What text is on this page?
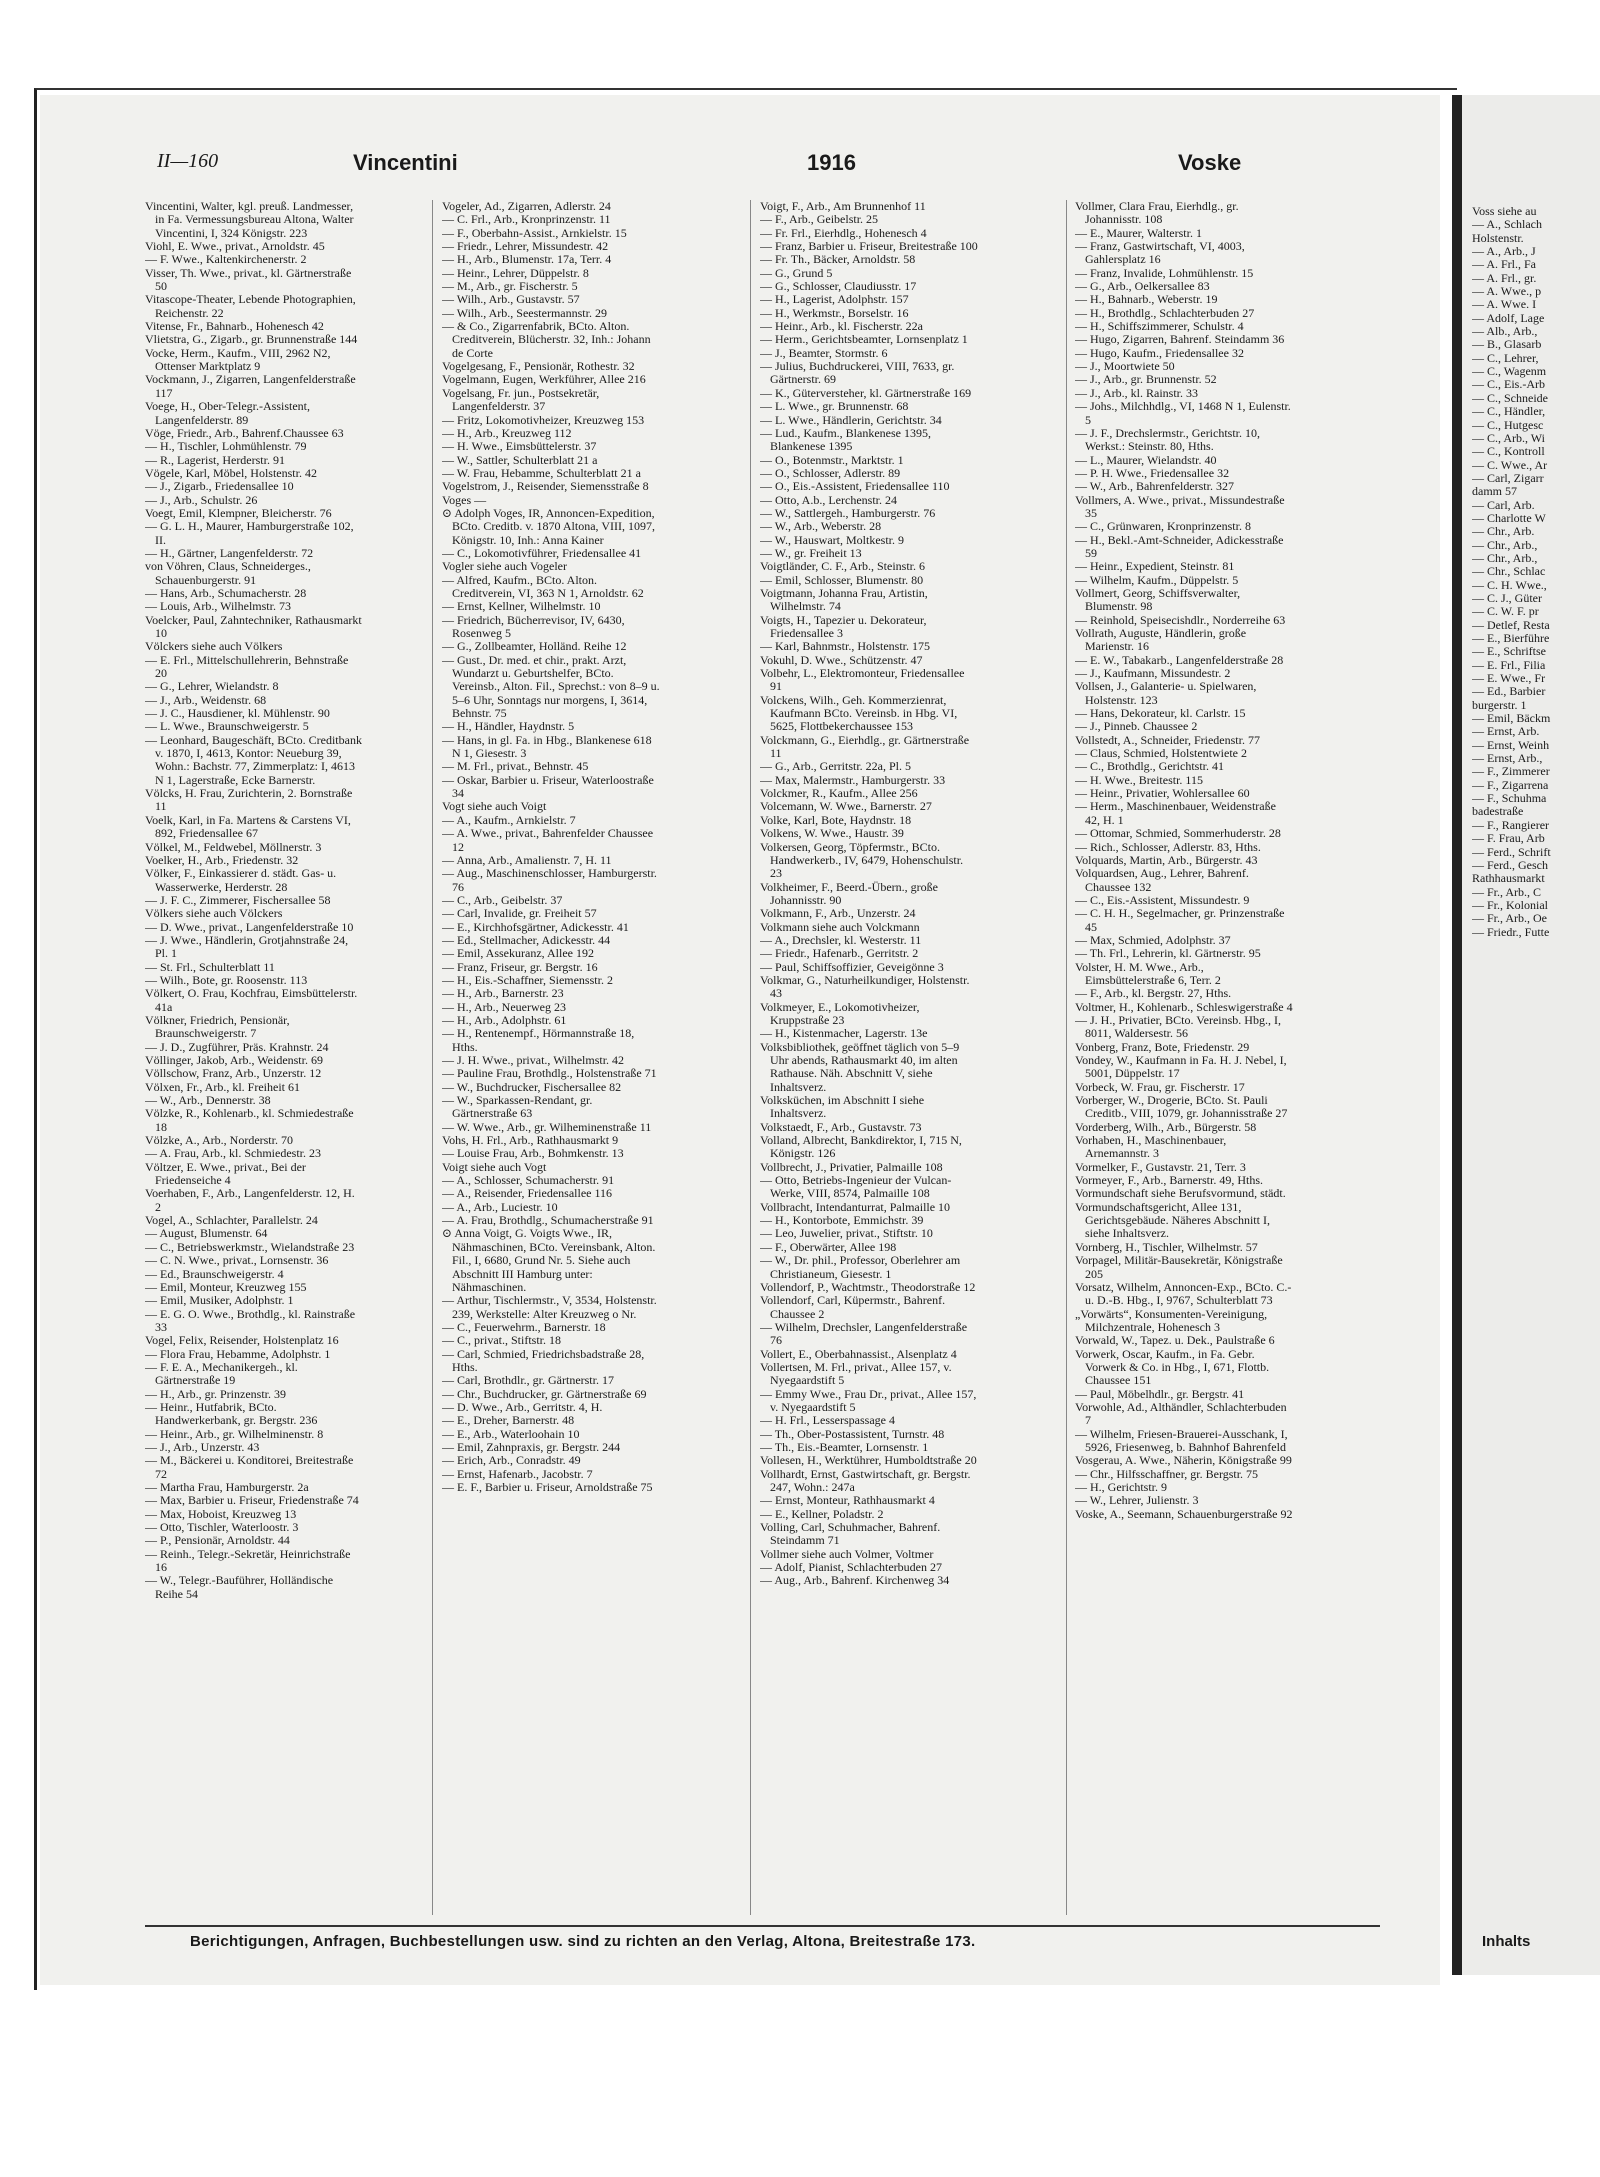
II—160	Vincentini	1916	Voske

Vincentini, Walter, kgl. preuß. Landmesser, in Fa. Vermessungsbureau Altona, Walter Vincentini, I, 324 Königstr. 223

Viohl, E. Wwe., privat., Arnoldstr. 45

— F. Wwe., Kaltenkirchenerstr. 2

Visser, Th. Wwe., privat., kl. Gärtnerstraße 50

Vitascope-Theater, Lebende Photographien, Reichenstr. 22

Vitense, Fr., Bahnarb., Hohenesch 42

Vlietstra, G., Zigarb., gr. Brunnenstraße 144

Vocke, Herm., Kaufm., VIII, 2962 N2, Ottenser Marktplatz 9

Vockmann, J., Zigarren, Langenfelderstraße 117

Voege, H., Ober-Telegr.-Assistent, Langenfelderstr. 89

Vöge, Friedr., Arb., Bahrenf.Chaussee 63

— H., Tischler, Lohmühlenstr. 79

— R., Lagerist, Herderstr. 91

Vögele, Karl, Möbel, Holstenstr. 42

— J., Zigarb., Friedensallee 10

— J., Arb., Schulstr. 26

Voegt, Emil, Klempner, Bleicherstr. 76

— G. L. H., Maurer, Hamburgerstraße 102, II.

— H., Gärtner, Langenfelderstr. 72

von Vöhren, Claus, Schneiderges., Schauenburgerstr. 91

— Hans, Arb., Schumacherstr. 28

— Louis, Arb., Wilhelmstr. 73

Voelcker, Paul, Zahntechniker, Rathausmarkt 10

Völckers siehe auch Völkers

— E. Frl., Mittelschullehrerin, Behnstraße 20

— G., Lehrer, Wielandstr. 8

— J., Arb., Weidenstr. 68

— J. C., Hausdiener, kl. Mühlenstr. 90

— L. Wwe., Braunschweigerstr. 5

— Leonhard, Baugeschäft, BCto. Creditbank v. 1870, I, 4613, Kontor: Neueburg 39, Wohn.: Bachstr. 77, Zimmerplatz: I, 4613 N 1, Lagerstraße, Ecke Barnerstr.

Völcks, H. Frau, Zurichterin, 2. Bornstraße 11

Voelk, Karl, in Fa. Martens & Carstens VI, 892, Friedensallee 67

Völkel, M., Feldwebel, Möllnerstr. 3

Voelker, H., Arb., Friedenstr. 32

Völker, F., Einkassierer d. städt. Gas- u. Wasserwerke, Herderstr. 28

— J. F. C., Zimmerer, Fischersallee 58

Völkers siehe auch Völckers

— D. Wwe., privat., Langenfelderstraße 10

— J. Wwe., Händlerin, Grotjahnstraße 24, Pl. 1

— St. Frl., Schulterblatt 11

— Wilh., Bote, gr. Roosenstr. 113

Völkert, O. Frau, Kochfrau, Eimsbüttelerstr. 41a

Völkner, Friedrich, Pensionär, Braunschweigerstr. 7

— J. D., Zugführer, Präs. Krahnstr. 24

Völlinger, Jakob, Arb., Weidenstr. 69

Völlschow, Franz, Arb., Unzerstr. 12

Völxen, Fr., Arb., kl. Freiheit 61

— W., Arb., Dennerstr. 38

Völzke, R., Kohlenarb., kl. Schmiedestraße 18

Völzke, A., Arb., Norderstr. 70

— A. Frau, Arb., kl. Schmiedestr. 23

Völtzer, E. Wwe., privat., Bei der Friedenseiche 4

Voerhaben, F., Arb., Langenfelderstr. 12, H. 2

Vogel, A., Schlachter, Parallelstr. 24

— August, Blumenstr. 64

— C., Betriebswerkmstr., Wielandstraße 23

— C. N. Wwe., privat., Lornsenstr. 36

— Ed., Braunschweigerstr. 4

— Emil, Monteur, Kreuzweg 155

— Emil, Musiker, Adolphstr. 1

— E. G. O. Wwe., Brothdlg., kl. Rainstraße 33

Vogel, Felix, Reisender, Holstenplatz 16

— Flora Frau, Hebamme, Adolphstr. 1

— F. E. A., Mechanikergeh., kl. Gärtnerstraße 19

— H., Arb., gr. Prinzenstr. 39

— Heinr., Hutfabrik, BCto. Handwerkerbank, gr. Bergstr. 236

— Heinr., Arb., gr. Wilhelminenstr. 8

— J., Arb., Unzerstr. 43

— M., Bäckerei u. Konditorei, Breitestraße 72

— Martha Frau, Hamburgerstr. 2a

— Max, Barbier u. Friseur, Friedenstraße 74

— Max, Hoboist, Kreuzweg 13

— Otto, Tischler, Waterloostr. 3

— P., Pensionär, Arnoldstr. 44

— Reinh., Telegr.-Sekretär, Heinrichstraße 16

— W., Telegr.-Bauführer, Holländische Reihe 54

Vogeler, Ad., Zigarren, Adlerstr. 24

— C. Frl., Arb., Kronprinzenstr. 11

— F., Oberbahn-Assist., Arnkielstr. 15

— Friedr., Lehrer, Missundestr. 42

— H., Arb., Blumenstr. 17a, Terr. 4

— Heinr., Lehrer, Düppelstr. 8

— M., Arb., gr. Fischerstr. 5

— Wilh., Arb., Gustavstr. 57

— Wilh., Arb., Seestermannstr. 29

— & Co., Zigarrenfabrik, BCto. Alton. Creditverein, Blücherstr. 32, Inh.: Johann de Corte

Vogelgesang, F., Pensionär, Rothestr. 32

Vogelmann, Eugen, Werkführer, Allee 216

Vogelsang, Fr. jun., Postsekretär, Langenfelderstr. 37

— Fritz, Lokomotivheizer, Kreuzweg 153

— H., Arb., Kreuzweg 112

— H. Wwe., Eimsbüttelerstr. 37

— W., Sattler, Schulterblatt 21 a

— W. Frau, Hebamme, Schulterblatt 21 a

Vogelstrom, J., Reisender, Siemensstraße 8

Voges —

⊙ Adolph Voges, IR, Annoncen-Expedition, BCto. Creditb. v. 1870 Altona, VIII, 1097, Königstr. 10, Inh.: Anna Kainer

— C., Lokomotivführer, Friedensallee 41

Vogler siehe auch Vogeler

— Alfred, Kaufm., BCto. Alton. Creditverein, VI, 363 N 1, Arnoldstr. 62

— Ernst, Kellner, Wilhelmstr. 10

— Friedrich, Bücherrevisor, IV, 6430, Rosenweg 5

— G., Zollbeamter, Holländ. Reihe 12

— Gust., Dr. med. et chir., prakt. Arzt, Wundarzt u. Geburtshelfer, BCto. Vereinsb., Alton. Fil., Sprechst.: von 8–9 u. 5–6 Uhr, Sonntags nur morgens, I, 3614, Behnstr. 75

— H., Händler, Haydnstr. 5

— Hans, in gl. Fa. in Hbg., Blankenese 618 N 1, Giesestr. 3

— M. Frl., privat., Behnstr. 45

— Oskar, Barbier u. Friseur, Waterloostraße 34

Vogt siehe auch Voigt

— A., Kaufm., Arnkielstr. 7

— A. Wwe., privat., Bahrenfelder Chaussee 12

— Anna, Arb., Amalienstr. 7, H. 11

— Aug., Maschinenschlosser, Hamburgerstr. 76

— C., Arb., Geibelstr. 37

— Carl, Invalide, gr. Freiheit 57

— E., Kirchhofsgärtner, Adickesstr. 41

— Ed., Stellmacher, Adickesstr. 44

— Emil, Assekuranz, Allee 192

— Franz, Friseur, gr. Bergstr. 16

— H., Eis.-Schaffner, Siemensstr. 2

— H., Arb., Barnerstr. 23

— H., Arb., Neuerweg 23

— H., Arb., Adolphstr. 61

— H., Rentenempf., Hörmannstraße 18, Hths.

— J. H. Wwe., privat., Wilhelmstr. 42

— Pauline Frau, Brothdlg., Holstenstraße 71

— W., Buchdrucker, Fischersallee 82

— W., Sparkassen-Rendant, gr. Gärtnerstraße 63

— W. Wwe., Arb., gr. Wilheminenstraße 11

Vohs, H. Frl., Arb., Rathhausmarkt 9

— Louise Frau, Arb., Bohmkenstr. 13

Voigt siehe auch Vogt

— A., Schlosser, Schumacherstr. 91

— A., Reisender, Friedensallee 116

— A., Arb., Luciestr. 10

— A. Frau, Brothdlg., Schumacherstraße 91

⊙ Anna Voigt, G. Voigts Wwe., IR, Nähmaschinen, BCto. Vereinsbank, Alton. Fil., I, 6680, Grund Nr. 5. Siehe auch Abschnitt III Hamburg unter: Nähmaschinen.

— Arthur, Tischlermstr., V, 3534, Holstenstr. 239, Werkstelle: Alter Kreuzweg o Nr.

— C., Feuerwehrm., Barnerstr. 18

— C., privat., Stiftstr. 18

— Carl, Schmied, Friedrichsbadstraße 28, Hths.

— Carl, Brothdlr., gr. Gärtnerstr. 17

— Chr., Buchdrucker, gr. Gärtnerstraße 69

— D. Wwe., Arb., Gerritstr. 4, H.

— E., Dreher, Barnerstr. 48

— E., Arb., Waterloohain 10

— Emil, Zahnpraxis, gr. Bergstr. 244

— Erich, Arb., Conradstr. 49

— Ernst, Hafenarb., Jacobstr. 7

— E. F., Barbier u. Friseur, Arnoldstraße 75

Voigt, F., Arb., Am Brunnenhof 11

— F., Arb., Geibelstr. 25

— Fr. Frl., Eierhdlg., Hohenesch 4

— Franz, Barbier u. Friseur, Breitestraße 100

— Fr. Th., Bäcker, Arnoldstr. 58

— G., Grund 5

— G., Schlosser, Claudiusstr. 17

— H., Lagerist, Adolphstr. 157

— H., Werkmstr., Borselstr. 16

— Heinr., Arb., kl. Fischerstr. 22a

— Herm., Gerichtsbeamter, Lornsenplatz 1

— J., Beamter, Stormstr. 6

— Julius, Buchdruckerei, VIII, 7633, gr. Gärtnerstr. 69

— K., Güterversteher, kl. Gärtnerstraße 169

— L. Wwe., gr. Brunnenstr. 68

— L. Wwe., Händlerin, Gerichtstr. 34

— Lud., Kaufm., Blankenese 1395, Blankenese 1395

— O., Botenmstr., Marktstr. 1

— O., Schlosser, Adlerstr. 89

— O., Eis.-Assistent, Friedensallee 110

— Otto, A.b., Lerchenstr. 24

— W., Sattlergeh., Hamburgerstr. 76

— W., Arb., Weberstr. 28

— W., Hauswart, Moltkestr. 9

— W., gr. Freiheit 13

Voigtländer, C. F., Arb., Steinstr. 6

— Emil, Schlosser, Blumenstr. 80

Voigtmann, Johanna Frau, Artistin, Wilhelmstr. 74

Voigts, H., Tapezier u. Dekorateur, Friedensallee 3

— Karl, Bahnmstr., Holstenstr. 175

Vokuhl, D. Wwe., Schützenstr. 47

Volbehr, L., Elektromonteur, Friedensallee 91

Volckens, Wilh., Geh. Kommerzienrat, Kaufmann BCto. Vereinsb. in Hbg. VI, 5625, Flottbekerchaussee 153

Volckmann, G., Eierhdlg., gr. Gärtnerstraße 11

— G., Arb., Gerritstr. 22a, Pl. 5

— Max, Malermstr., Hamburgerstr. 33

Volckmer, R., Kaufm., Allee 256

Volcemann, W. Wwe., Barnerstr. 27

Volke, Karl, Bote, Haydnstr. 18

Volkens, W. Wwe., Haustr. 39

Volkersen, Georg, Töpfermstr., BCto. Handwerkerb., IV, 6479, Hohenschulstr. 23

Volkheimer, F., Beerd.-Übern., große Johannisstr. 90

Volkmann, F., Arb., Unzerstr. 24

Volkmann siehe auch Volckmann

— A., Drechsler, kl. Westerstr. 11

— Friedr., Hafenarb., Gerritstr. 2

— Paul, Schiffsoffizier, Geveigönne 3

Volkmar, G., Naturheilkundiger, Holstenstr. 43

Volkmeyer, E., Lokomotivheizer, Kruppstraße 23

— H., Kistenmacher, Lagerstr. 13e

Volksbibliothek, geöffnet täglich von 5–9 Uhr abends, Rathausmarkt 40, im alten Rathause. Näh. Abschnitt V, siehe Inhaltsverz.

Volksküchen, im Abschnitt I siehe Inhaltsverz.

Volkstaedt, F., Arb., Gustavstr. 73

Volland, Albrecht, Bankdirektor, I, 715 N, Königstr. 126

Vollbrecht, J., Privatier, Palmaille 108

— Otto, Betriebs-Ingenieur der Vulcan-Werke, VIII, 8574, Palmaille 108

Vollbracht, Intendanturrat, Palmaille 10

— H., Kontorbote, Emmichstr. 39

— Leo, Juwelier, privat., Stiftstr. 10

— F., Oberwärter, Allee 198

— W., Dr. phil., Professor, Oberlehrer am Christianeum, Giesestr. 1

Vollendorf, P., Wachtmstr., Theodorstraße 12

Vollendorf, Carl, Küpermstr., Bahrenf. Chaussee 2

— Wilhelm, Drechsler, Langenfelderstraße 76

Vollert, E., Oberbahnassist., Alsenplatz 4

Vollertsen, M. Frl., privat., Allee 157, v. Nyegaardstift 5

— Emmy Wwe., Frau Dr., privat., Allee 157, v. Nyegaardstift 5

— H. Frl., Lesserspassage 4

— Th., Ober-Postassistent, Turnstr. 48

— Th., Eis.-Beamter, Lornsenstr. 1

Vollesen, H., Werktührer, Humboldtstraße 20

Vollhardt, Ernst, Gastwirtschaft, gr. Bergstr. 247, Wohn.: 247a

— Ernst, Monteur, Rathhausmarkt 4

— E., Kellner, Poladstr. 2

Volling, Carl, Schuhmacher, Bahrenf. Steindamm 71

Vollmer siehe auch Volmer, Voltmer

— Adolf, Pianist, Schlachterbuden 27

— Aug., Arb., Bahrenf. Kirchenweg 34

Vollmer, Clara Frau, Eierhdlg., gr. Johannisstr. 108

— E., Maurer, Walterstr. 1

— Franz, Gastwirtschaft, VI, 4003, Gahlersplatz 16

— Franz, Invalide, Lohmühlenstr. 15

— G., Arb., Oelkersallee 83

— H., Bahnarb., Weberstr. 19

— H., Brothdlg., Schlachterbuden 27

— H., Schiffszimmerer, Schulstr. 4

— Hugo, Zigarren, Bahrenf. Steindamm 36

— Hugo, Kaufm., Friedensallee 32

— J., Moortwiete 50

— J., Arb., gr. Brunnenstr. 52

— J., Arb., kl. Rainstr. 33

— Johs., Milchhdlg., VI, 1468 N 1, Eulenstr. 5

— J. F., Drechslermstr., Gerichtstr. 10, Werkst.: Steinstr. 80, Hths.

— L., Maurer, Wielandstr. 40

— P. H. Wwe., Friedensallee 32

— W., Arb., Bahrenfelderstr. 327

Vollmers, A. Wwe., privat., Missundestraße 35

— C., Grünwaren, Kronprinzenstr. 8

— H., Bekl.-Amt-Schneider, Adickesstraße 59

— Heinr., Expedient, Steinstr. 81

— Wilhelm, Kaufm., Düppelstr. 5

Vollmert, Georg, Schiffsverwalter, Blumenstr. 98

— Reinhold, Speisecishdlr., Norderreihe 63

Vollrath, Auguste, Händlerin, große Marienstr. 16

— E. W., Tabakarb., Langenfelderstraße 28

— J., Kaufmann, Missundestr. 2

Vollsen, J., Galanterie- u. Spielwaren, Holstenstr. 123

— Hans, Dekorateur, kl. Carlstr. 15

— J., Pinneb. Chaussee 2

Vollstedt, A., Schneider, Friedenstr. 77

— Claus, Schmied, Holstentwiete 2

— C., Brothdlg., Gerichtstr. 41

— H. Wwe., Breitestr. 115

— Heinr., Privatier, Wohlersallee 60

— Herm., Maschinenbauer, Weidenstraße 42, H. 1

— Ottomar, Schmied, Sommerhuderstr. 28

— Rich., Schlosser, Adlerstr. 83, Hths.

Volquards, Martin, Arb., Bürgerstr. 43

Volquardsen, Aug., Lehrer, Bahrenf. Chaussee 132

— C., Eis.-Assistent, Missundestr. 9

— C. H. H., Segelmacher, gr. Prinzenstraße 45

— Max, Schmied, Adolphstr. 37

— Th. Frl., Lehrerin, kl. Gärtnerstr. 95

Volster, H. M. Wwe., Arb., Eimsbüttelerstraße 6, Terr. 2

— F., Arb., kl. Bergstr. 27, Hths.

Voltmer, H., Kohlenarb., Schleswigerstraße 4

— J. H., Privatier, BCto. Vereinsb. Hbg., I, 8011, Waldersestr. 56

Vonberg, Franz, Bote, Friedenstr. 29

Vondey, W., Kaufmann in Fa. H. J. Nebel, I, 5001, Düppelstr. 17

Vorbeck, W. Frau, gr. Fischerstr. 17

Vorberger, W., Drogerie, BCto. St. Pauli Creditb., VIII, 1079, gr. Johannisstraße 27

Vorderberg, Wilh., Arb., Bürgerstr. 58

Vorhaben, H., Maschinenbauer, Arnemannstr. 3

Vormelker, F., Gustavstr. 21, Terr. 3

Vormeyer, F., Arb., Barnerstr. 49, Hths.

Vormundschaft siehe Berufsvormund, städt.

Vormundschaftsgericht, Allee 131, Gerichtsgebäude. Näheres Abschnitt I, siehe Inhaltsverz.

Vornberg, H., Tischler, Wilhelmstr. 57

Vorpagel, Militär-Bausekretär, Königstraße 205

Vorsatz, Wilhelm, Annoncen-Exp., BCto. C.- u. D.-B. Hbg., I, 9767, Schulterblatt 73

„Vorwärts“, Konsumenten-Vereinigung, Milchzentrale, Hohenesch 3

Vorwald, W., Tapez. u. Dek., Paulstraße 6

Vorwerk, Oscar, Kaufm., in Fa. Gebr. Vorwerk & Co. in Hbg., I, 671, Flottb. Chaussee 151

— Paul, Möbelhdlr., gr. Bergstr. 41

Vorwohle, Ad., Althändler, Schlachterbuden 7

— Wilhelm, Friesen-Brauerei-Ausschank, I, 5926, Friesenweg, b. Bahnhof Bahrenfeld

Vosgerau, A. Wwe., Näherin, Königstraße 99

— Chr., Hilfsschaffner, gr. Bergstr. 75

— H., Gerichtstr. 9

— W., Lehrer, Julienstr. 3

Voske, A., Seemann, Schauenburgerstraße 92

Berichtigungen, Anfragen, Buchbestellungen usw. sind zu richten an den Verlag, Altona, Breitestraße 173.

Voss siehe au

— A., Schlach

Holstenstr.

— A., Arb., J

— A. Frl., Fa

— A. Frl., gr.

— A. Wwe., p

— A. Wwe. I

— Adolf, Lage

— Alb., Arb.,

— B., Glasarb

— C., Lehrer,

— C., Wagenm

— C., Eis.-Arb

— C., Schneide

— C., Händler,

— C., Hutgesc

— C., Arb., Wi

— C., Kontroll

— C. Wwe., Ar

— Carl, Zigarr

damm 57

— Carl, Arb.

— Charlotte W

— Chr., Arb.

— Chr., Arb.,

— Chr., Arb.,

— Chr., Schlac

— C. H. Wwe.,

— C. J., Güter

— C. W. F. pr

— Detlef, Resta

— E., Bierführe

— E., Schriftse

— E. Frl., Filia

— E. Wwe., Fr

— Ed., Barbier

burgerstr. 1

— Emil, Bäckm

— Ernst, Arb.

— Ernst, Weinh

— Ernst, Arb.,

— F., Zimmerer

— F., Zigarrena

— F., Schuhma

badestraße

— F., Rangierer

— F. Frau, Arb

— Ferd., Schrift

— Ferd., Gesch

Rathhausmarkt

— Fr., Arb., C

— Fr., Kolonial

— Fr., Arb., Oe

— Friedr., Futte

Inhalts
